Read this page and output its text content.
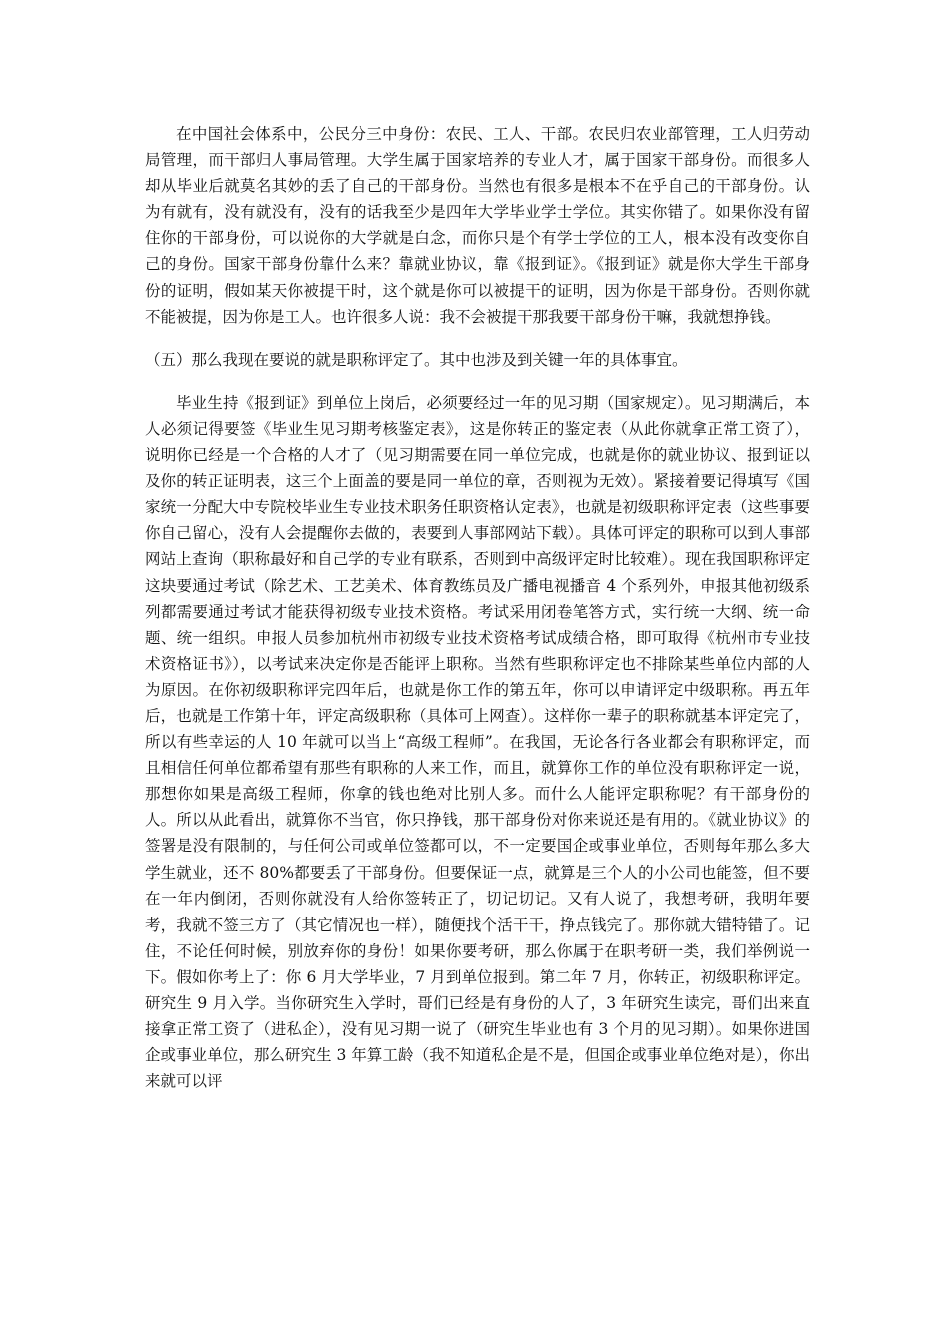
在中国社会体系中，公民分三中身份：农民、工人、干部。农民归农业部管理，工人归劳动局管理，而干部归人事局管理。大学生属于国家培养的专业人才，属于国家干部身份。而很多人却从毕业后就莫名其妙的丢了自己的干部身份。当然也有很多是根本不在乎自己的干部身份。认为有就有，没有就没有，没有的话我至少是四年大学毕业学士学位。其实你错了。如果你没有留住你的干部身份，可以说你的大学就是白念，而你只是个有学士学位的工人，根本没有改变你自己的身份。国家干部身份靠什么来？靠就业协议，靠《报到证》。《报到证》就是你大学生干部身份的证明，假如某天你被提干时，这个就是你可以被提干的证明，因为你是干部身份。否则你就不能被提，因为你是工人。也许很多人说：我不会被提干那我要干部身份干嘛，我就想挣钱。

（五）那么我现在要说的就是职称评定了。其中也涉及到关键一年的具体事宜。

毕业生持《报到证》到单位上岗后，必须要经过一年的见习期（国家规定）。见习期满后，本人必须记得要签《毕业生见习期考核鉴定表》，这是你转正的鉴定表（从此你就拿正常工资了），说明你已经是一个合格的人才了（见习期需要在同一单位完成，也就是你的就业协议、报到证以及你的转正证明表，这三个上面盖的要是同一单位的章，否则视为无效）。紧接着要记得填写《国家统一分配大中专院校毕业生专业技术职务任职资格认定表》，也就是初级职称评定表（这些事要你自己留心，没有人会提醒你去做的，表要到人事部网站下载）。具体可评定的职称可以到人事部网站上查询（职称最好和自己学的专业有联系，否则到中高级评定时比较难）。现在我国职称评定这块要通过考试（除艺术、工艺美术、体育教练员及广播电视播音 4 个系列外，申报其他初级系列都需要通过考试才能获得初级专业技术资格。考试采用闭卷笔答方式，实行统一大纲、统一命题、统一组织。申报人员参加杭州市初级专业技术资格考试成绩合格，即可取得《杭州市专业技术资格证书》），以考试来决定你是否能评上职称。当然有些职称评定也不排除某些单位内部的人为原因。在你初级职称评完四年后，也就是你工作的第五年，你可以申请评定中级职称。再五年后，也就是工作第十年，评定高级职称（具体可上网查）。这样你一辈子的职称就基本评定完了，所以有些幸运的人 10 年就可以当上“高级工程师”。在我国，无论各行各业都会有职称评定，而且相信任何单位都希望有那些有职称的人来工作，而且，就算你工作的单位没有职称评定一说，那想你如果是高级工程师，你拿的钱也绝对比别人多。而什么人能评定职称呢？有干部身份的人。所以从此看出，就算你不当官，你只挣钱，那干部身份对你来说还是有用的。《就业协议》的签署是没有限制的，与任何公司或单位签都可以，不一定要国企或事业单位，否则每年那么多大学生就业，还不 80%都要丢了干部身份。但要保证一点，就算是三个人的小公司也能签，但不要在一年内倒闭，否则你就没有人给你签转正了，切记切记。又有人说了，我想考研，我明年要考，我就不签三方了（其它情况也一样），随便找个活干干，挣点钱完了。那你就大错特错了。记住，不论任何时候，别放弃你的身份！如果你要考研，那么你属于在职考研一类，我们举例说一下。假如你考上了：你 6 月大学毕业，7 月到单位报到。第二年 7 月，你转正，初级职称评定。研究生 9 月入学。当你研究生入学时，哥们已经是有身份的人了，3 年研究生读完，哥们出来直接拿正常工资了（进私企），没有见习期一说了（研究生毕业也有 3 个月的见习期）。如果你进国企或事业单位，那么研究生 3 年算工龄（我不知道私企是不是，但国企或事业单位绝对是），你出来就可以评
